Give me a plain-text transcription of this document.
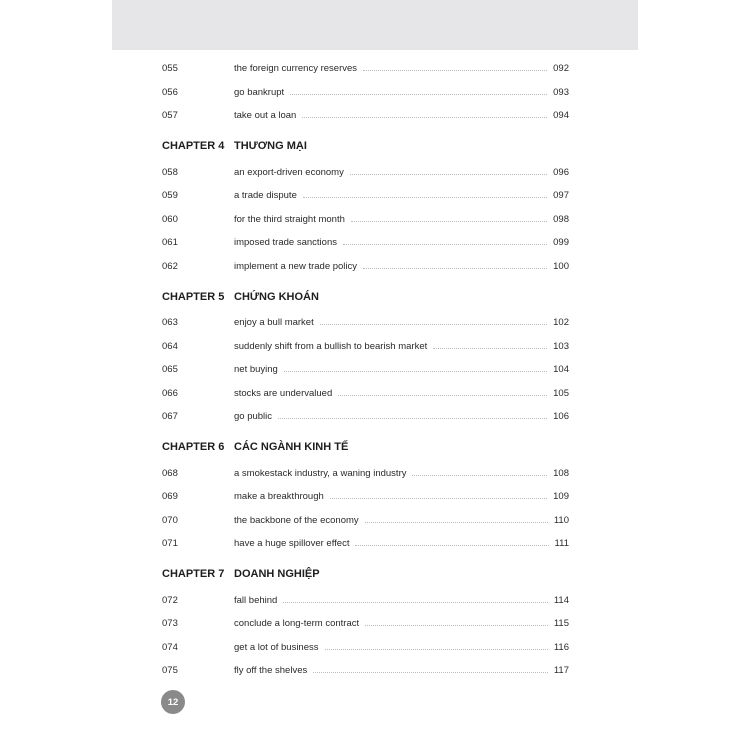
055	the foreign currency reserves	092
056	go bankrupt	093
057	take out a loan	094
CHAPTER 4 THƯƠNG MẠI
058	an export-driven economy	096
059	a trade dispute	097
060	for the third straight month	098
061	imposed trade sanctions	099
062	implement a new trade policy	100
CHAPTER 5 CHỨNG KHOÁN
063	enjoy a bull market	102
064	suddenly shift from a bullish to bearish market	103
065	net buying	104
066	stocks are undervalued	105
067	go public	106
CHAPTER 6 CÁC NGÀNH KINH TẾ
068	a smokestack industry, a waning industry	108
069	make a breakthrough	109
070	the backbone of the economy	110
071	have a huge spillover effect	111
CHAPTER 7 DOANH NGHIỆP
072	fall behind	114
073	conclude a long-term contract	115
074	get a lot of business	116
075	fly off the shelves	117
12
